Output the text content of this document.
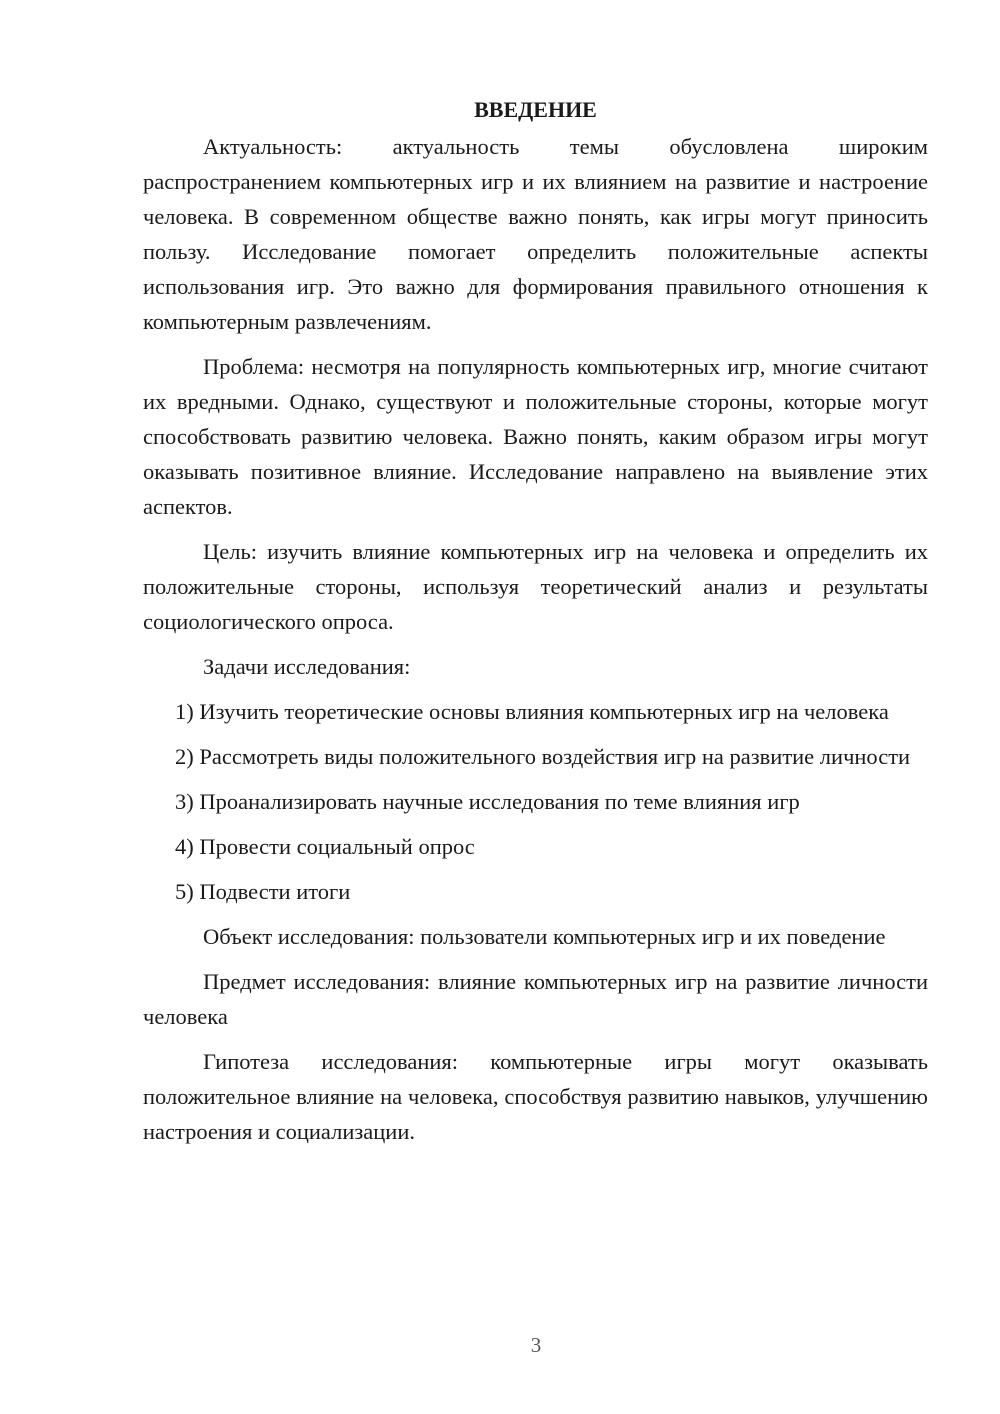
ВВЕДЕНИЕ

Актуальность: актуальность темы обусловлена широким распространением компьютерных игр и их влиянием на развитие и настроение человека. В современном обществе важно понять, как игры могут приносить пользу. Исследование помогает определить положительные аспекты использования игр. Это важно для формирования правильного отношения к компьютерным развлечениям.

Проблема: несмотря на популярность компьютерных игр, многие считают их вредными. Однако, существуют и положительные стороны, которые могут способствовать развитию человека. Важно понять, каким образом игры могут оказывать позитивное влияние. Исследование направлено на выявление этих аспектов.

Цель: изучить влияние компьютерных игр на человека и определить их положительные стороны, используя теоретический анализ и результаты социологического опроса.

Задачи исследования:

1) Изучить теоретические основы влияния компьютерных игр на человека

2) Рассмотреть виды положительного воздействия игр на развитие личности

3) Проанализировать научные исследования по теме влияния игр

4) Провести социальный опрос

5) Подвести итоги

Объект исследования: пользователи компьютерных игр и их поведение

Предмет исследования: влияние компьютерных игр на развитие личности человека

Гипотеза исследования: компьютерные игры могут оказывать положительное влияние на человека, способствуя развитию навыков, улучшению настроения и социализации.

3
